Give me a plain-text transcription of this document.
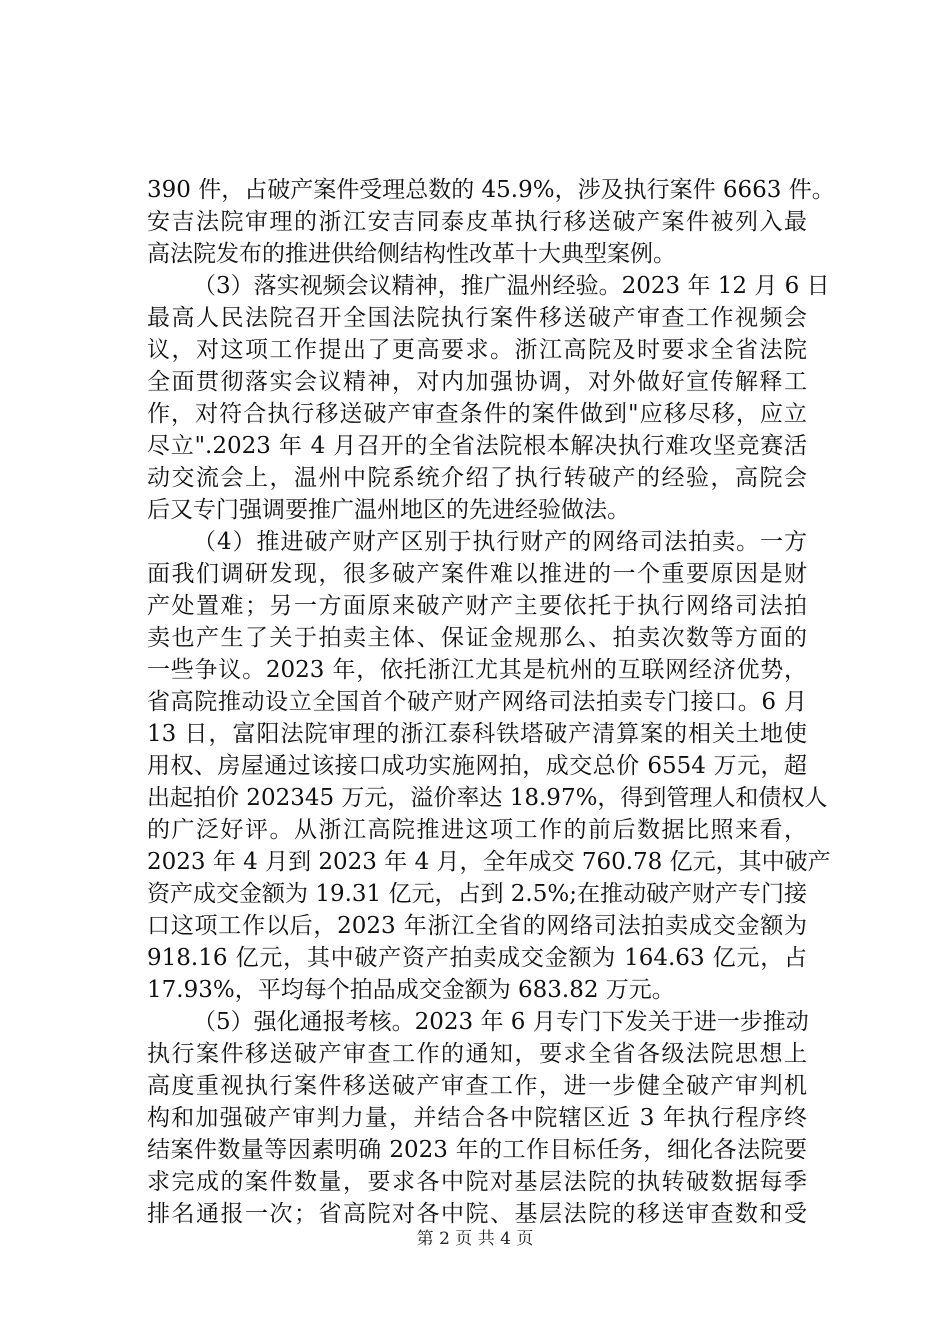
390 件，占破产案件受理总数的 45.9%，涉及执行案件 6663 件。
安吉法院审理的浙江安吉同泰皮革执行移送破产案件被列入最
高法院发布的推进供给侧结构性改革十大典型案例。
（3）落实视频会议精神，推广温州经验。2023 年 12 月 6 日
最高人民法院召开全国法院执行案件移送破产审查工作视频会
议，对这项工作提出了更高要求。浙江高院及时要求全省法院
全面贯彻落实会议精神，对内加强协调，对外做好宣传解释工
作，对符合执行移送破产审查条件的案件做到"应移尽移，应立
尽立".2023 年 4 月召开的全省法院根本解决执行难攻坚竞赛活
动交流会上，温州中院系统介绍了执行转破产的经验，高院会
后又专门强调要推广温州地区的先进经验做法。
（4）推进破产财产区别于执行财产的网络司法拍卖。一方
面我们调研发现，很多破产案件难以推进的一个重要原因是财
产处置难；另一方面原来破产财产主要依托于执行网络司法拍
卖也产生了关于拍卖主体、保证金规那么、拍卖次数等方面的
一些争议。2023 年，依托浙江尤其是杭州的互联网经济优势，
省高院推动设立全国首个破产财产网络司法拍卖专门接口。6 月
13 日，富阳法院审理的浙江泰科铁塔破产清算案的相关土地使
用权、房屋通过该接口成功实施网拍，成交总价 6554 万元，超
出起拍价 202345 万元，溢价率达 18.97%，得到管理人和债权人
的广泛好评。从浙江高院推进这项工作的前后数据比照来看，
2023 年 4 月到 2023 年 4 月，全年成交 760.78 亿元，其中破产
资产成交金额为 19.31 亿元，占到 2.5%;在推动破产财产专门接
口这项工作以后，2023 年浙江全省的网络司法拍卖成交金额为
918.16 亿元，其中破产资产拍卖成交金额为 164.63 亿元，占
17.93%，平均每个拍品成交金额为 683.82 万元。
（5）强化通报考核。2023 年 6 月专门下发关于进一步推动
执行案件移送破产审查工作的通知，要求全省各级法院思想上
高度重视执行案件移送破产审查工作，进一步健全破产审判机
构和加强破产审判力量，并结合各中院辖区近 3 年执行程序终
结案件数量等因素明确 2023 年的工作目标任务，细化各法院要
求完成的案件数量，要求各中院对基层法院的执转破数据每季
排名通报一次；省高院对各中院、基层法院的移送审查数和受
第 2 页 共 4 页
